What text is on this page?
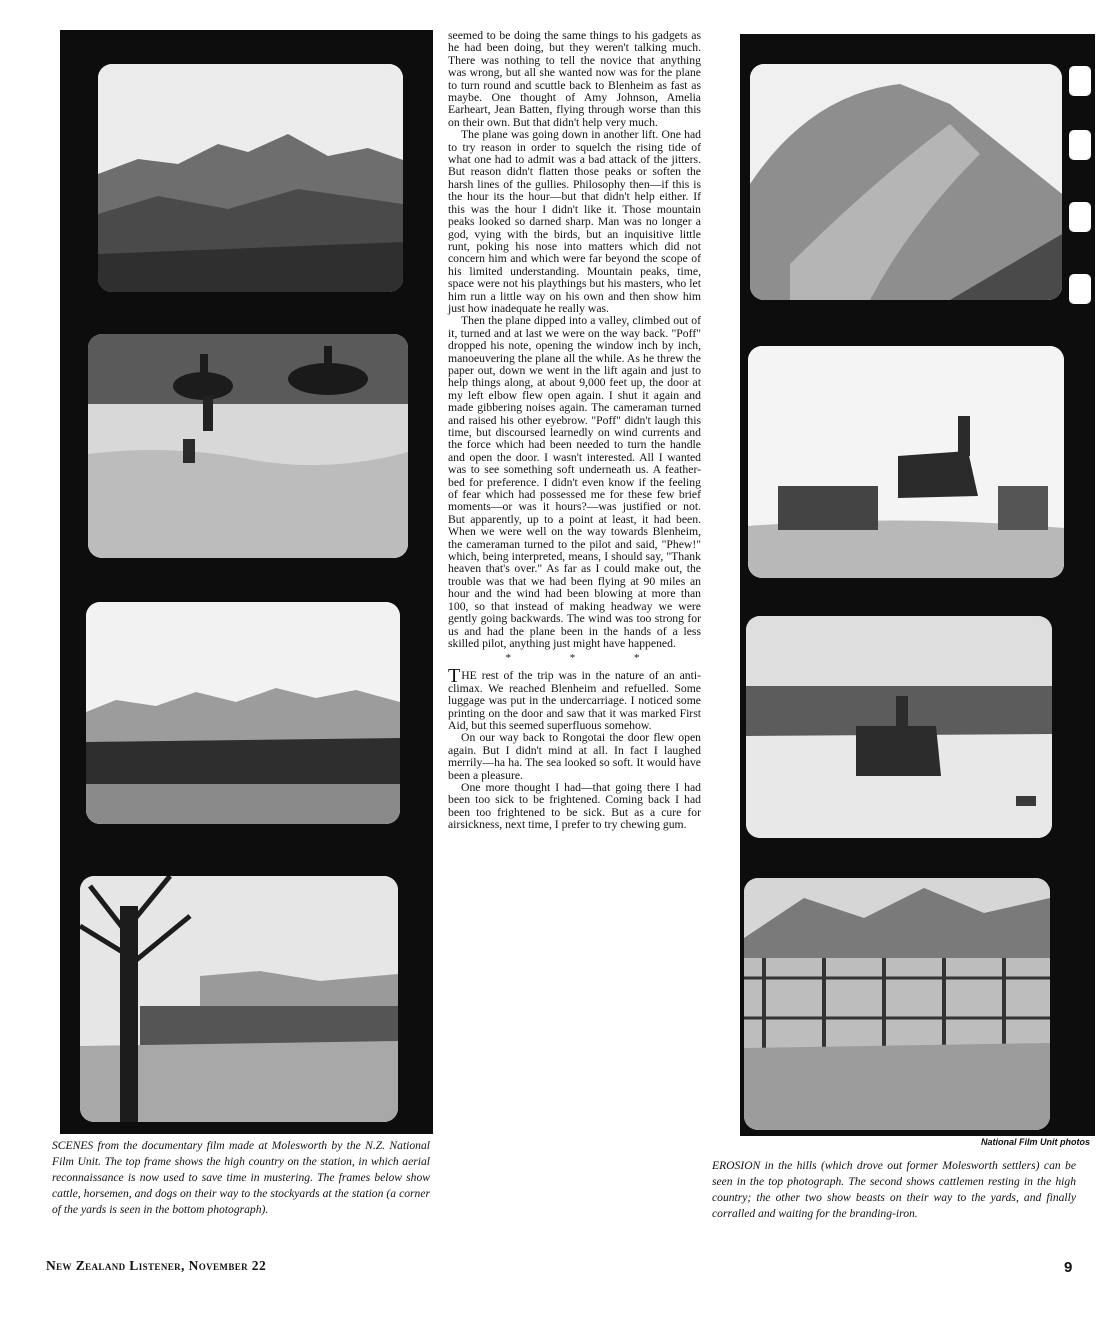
seemed to be doing the same things to his gadgets as he had been doing, but they weren't talking much. There was nothing to tell the novice that anything was wrong, but all she wanted now was for the plane to turn round and scuttle back to Blenheim as fast as maybe. One thought of Amy Johnson, Amelia Earheart, Jean Batten, flying through worse than this on their own. But that didn't help very much.

The plane was going down in another lift. One had to try reason in order to squelch the rising tide of what one had to admit was a bad attack of the jitters. But reason didn't flatten those peaks or soften the harsh lines of the gullies. Philosophy then—if this is the hour its the hour—but that didn't help either. If this was the hour I didn't like it. Those mountain peaks looked so darned sharp. Man was no longer a god, vying with the birds, but an inquisitive little runt, poking his nose into matters which did not concern him and which were far beyond the scope of his limited understanding. Mountain peaks, time, space were not his playthings but his masters, who let him run a little way on his own and then show him just how inadequate he really was.

Then the plane dipped into a valley, climbed out of it, turned and at last we were on the way back. "Poff" dropped his note, opening the window inch by inch, manoeuvering the plane all the while. As he threw the paper out, down we went in the lift again and just to help things along, at about 9,000 feet up, the door at my left elbow flew open again. I shut it again and made gibbering noises again. The cameraman turned and raised his other eyebrow. "Poff" didn't laugh this time, but discoursed learnedly on wind currents and the force which had been needed to turn the handle and open the door. I wasn't interested. All I wanted was to see something soft underneath us. A feather-bed for preference. I didn't even know if the feeling of fear which had possessed me for these few brief moments—or was it hours?—was justified or not. But apparently, up to a point at least, it had been. When we were well on the way towards Blenheim, the cameraman turned to the pilot and said, "Phew!" which, being interpreted, means, I should say, "Thank heaven that's over." As far as I could make out, the trouble was that we had been flying at 90 miles an hour and the wind had been blowing at more than 100, so that instead of making headway we were gently going backwards. The wind was too strong for us and had the plane been in the hands of a less skilled pilot, anything just might have happened.

* * *

THE rest of the trip was in the nature of an anti-climax. We reached Blenheim and refuelled. Some luggage was put in the undercarriage. I noticed some printing on the door and saw that it was marked First Aid, but this seemed superfluous somehow.

On our way back to Rongotai the door flew open again. But I didn't mind at all. In fact I laughed merrily—ha ha. The sea looked so soft. It would have been a pleasure.

One more thought I had—that going there I had been too sick to be frightened. Coming back I had been too frightened to be sick. But as a cure for airsickness, next time, I prefer to try chewing gum.

SCENES from the documentary film made at Molesworth by the N.Z. National Film Unit. The top frame shows the high country on the station, in which aerial reconnaissance is now used to save time in mustering. The frames below show cattle, horsemen, and dogs on their way to the stockyards at the station (a corner of the yards is seen in the bottom photograph).
National Film Unit photos
EROSION in the hills (which drove out former Molesworth settlers) can be seen in the top photograph. The second shows cattlemen resting in the high country; the other two show beasts on their way to the yards, and finally corralled and waiting for the branding-iron.
New Zealand Listener, November 22	9
